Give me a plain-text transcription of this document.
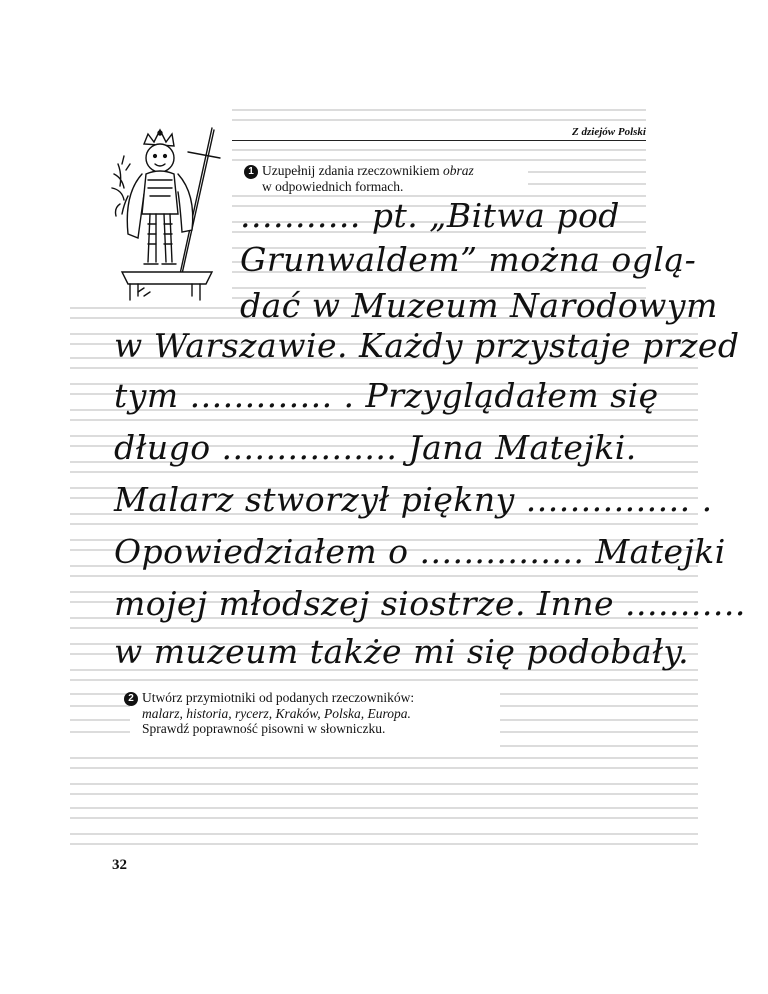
Z dziejów Polski
1 Uzupełnij zdania rzeczownikiem obraz
w odpowiednich formach.
........... pt. „Bitwa pod
Grunwaldem” można oglą-
dać w Muzeum Narodowym
w Warszawie. Każdy przystaje przed
tym ............. . Przyglądałem się
długo ................ Jana Matejki.
Malarz stworzył piękny ............... .
Opowiedziałem o ............... Matejki
mojej młodszej siostrze. Inne ...........
w muzeum także mi się podobały.
2 Utwórz przymiotniki od podanych rzeczowników:
malarz, historia, rycerz, Kraków, Polska, Europa.
Sprawdź poprawność pisowni w słowniczku.
32
